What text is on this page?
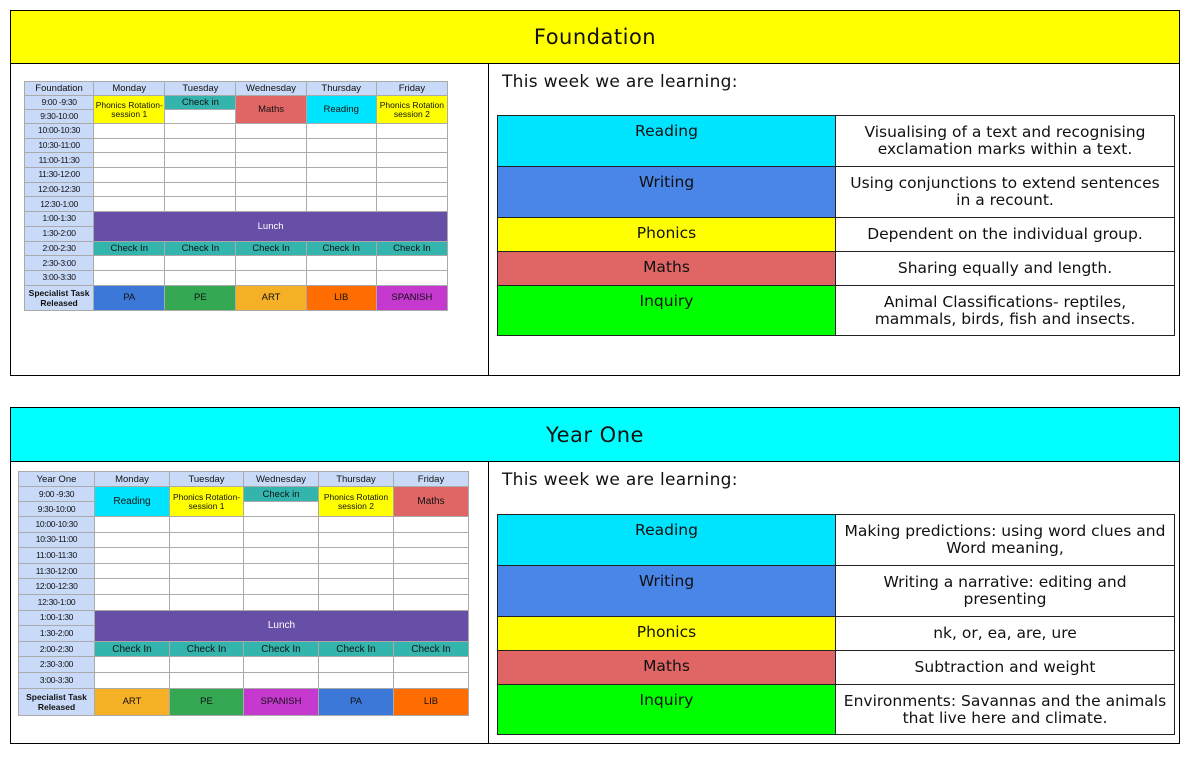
Foundation
Foundation	Monday	Tuesday	Wednesday	Thursday	Friday
9:00 -9:30	Phonics Rotation- session 1	Check in	Maths	Reading	Phonics Rotation session 2
9:30-10:00					
10:00-10:30					
10:30-11:00					
11:00-11:30					
11:30-12:00					
12:00-12:30					
12:30-1:00					
1:00-1:30	Lunch				
1:30-2:00					
2:00-2:30	Check In	Check In	Check In	Check In	Check In
2:30-3:00					
3:00-3:30					
Specialist Task Released	PA	PE	ART	LIB	SPANISH
This week we are learning:
Reading	Visualising of a text and recognising exclamation marks within a text.
Writing	Using conjunctions to extend sentences in a recount.
Phonics	Dependent on the individual group.
Maths	Sharing equally and length.
Inquiry	Animal Classifications- reptiles, mammals, birds, fish and insects.
Year One
Year One	Monday	Tuesday	Wednesday	Thursday	Friday
9:00 -9:30	Reading	Phonics Rotation- session 1	Check in	Phonics Rotation session 2	Maths
9:30-10:00					
10:00-10:30					
10:30-11:00					
11:00-11:30					
11:30-12:00					
12:00-12:30					
12:30-1:00					
1:00-1:30	Lunch				
1:30-2:00					
2:00-2:30	Check In	Check In	Check In	Check In	Check In
2:30-3:00					
3:00-3:30					
Specialist Task Released	ART	PE	SPANISH	PA	LIB
This week we are learning:
Reading	Making predictions: using word clues and Word meaning,
Writing	Writing a narrative: editing and presenting
Phonics	nk, or, ea, are, ure
Maths	Subtraction and weight
Inquiry	Environments: Savannas and the animals that live here and climate.
